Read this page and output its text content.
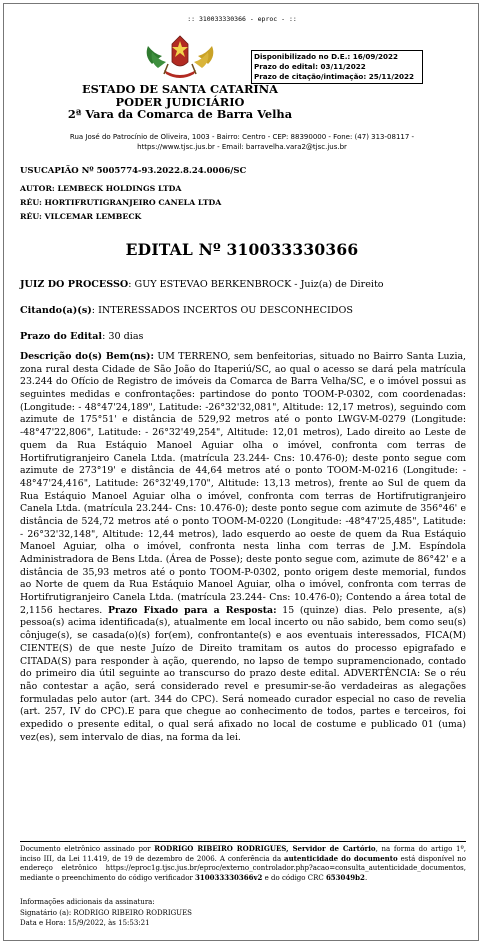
:: 310033330366 - eproc - ::
Disponibilizado no D.E.: 16/09/2022
Prazo do edital: 03/11/2022
Prazo de citação/intimação: 25/11/2022
ESTADO DE SANTA CATARINA
PODER JUDICIÁRIO
2ª Vara da Comarca de Barra Velha
Rua José do Patrocínio de Oliveira, 1003 - Bairro: Centro - CEP: 88390000 - Fone: (47) 313-08117 -
https://www.tjsc.jus.br - Email: barravelha.vara2@tjsc.jus.br
USUCAPIÃO Nº 5005774-93.2022.8.24.0006/SC
AUTOR: LEMBECK HOLDINGS LTDA
RÉU: HORTIFRUTIGRANJEIRO CANELA LTDA
RÉU: VILCEMAR LEMBECK
EDITAL Nº 310033330366
JUIZ DO PROCESSO: GUY ESTEVAO BERKENBROCK - Juiz(a) de Direito
Citando(a)(s): INTERESSADOS INCERTOS OU DESCONHECIDOS
Prazo do Edital: 30 dias
Descrição do(s) Bem(ns): UM TERRENO, sem benfeitorias, situado no Bairro Santa Luzia, zona rural desta Cidade de São João do Itaperiú/SC, ao qual o acesso se dará pela matrícula 23.244 do Ofício de Registro de imóveis da Comarca de Barra Velha/SC, e o imóvel possui as seguintes medidas e confrontações: partindose do ponto TOOM-P-0302, com coordenadas: (Longitude: - 48°47'24,189", Latitude: -26°32'32,081", Altitude: 12,17 metros), seguindo com azimute de 175°51' e distância de 529,92 metros até o ponto LWGV-M-0279 (Longitude: -48°47'22,806", Latitude: - 26°32'49,254", Altitude: 12,01 metros), Lado direito ao Leste de quem da Rua Estáquio Manoel Aguiar olha o imóvel, confronta com terras de Hortifrutigranjeiro Canela Ltda. (matrícula 23.244- Cns: 10.476-0); deste ponto segue com azimute de 273°19' e distância de 44,64 metros até o ponto TOOM-M-0216 (Longitude: - 48°47'24,416", Latitude: 26°32'49,170", Altitude: 13,13 metros), frente ao Sul de quem da Rua Estáquio Manoel Aguiar olha o imóvel, confronta com terras de Hortifrutigranjeiro Canela Ltda. (matrícula 23.244- Cns: 10.476-0); deste ponto segue com azimute de 356°46' e distância de 524,72 metros até o ponto TOOM-M-0220 (Longitude: -48°47'25,485", Latitude: - 26°32'32,148", Altitude: 12,44 metros), lado esquerdo ao oeste de quem da Rua Estáquio Manoel Aguiar, olha o imóvel, confronta nesta linha com terras de J.M. Espíndola Administradora de Bens Ltda. (Área de Posse); deste ponto segue com, azimute de 86°42' e a distância de 35,93 metros até o ponto TOOM-P-0302, ponto origem deste memorial, fundos ao Norte de quem da Rua Estáquio Manoel Aguiar, olha o imóvel, confronta com terras de Hortifrutigranjeiro Canela Ltda. (matrícula 23.244- Cns: 10.476-0); Contendo a área total de 2,1156 hectares. Prazo Fixado para a Resposta: 15 (quinze) dias. Pelo presente, a(s) pessoa(s) acima identificada(s), atualmente em local incerto ou não sabido, bem como seu(s) cônjuge(s), se casada(o)(s) for(em), confrontante(s) e aos eventuais interessados, FICA(M) CIENTE(S) de que neste Juízo de Direito tramitam os autos do processo epigrafado e CITADA(S) para responder à ação, querendo, no lapso de tempo supramencionado, contado do primeiro dia útil seguinte ao transcurso do prazo deste edital. ADVERTÊNCIA: Se o réu não contestar a ação, será considerado revel e presumir-se-ão verdadeiras as alegações formuladas pelo autor (art. 344 do CPC). Será nomeado curador especial no caso de revelia (art. 257, IV do CPC).E para que chegue ao conhecimento de todos, partes e terceiros, foi expedido o presente edital, o qual será afixado no local de costume e publicado 01 (uma) vez(es), sem intervalo de dias, na forma da lei.
Documento eletrônico assinado por RODRIGO RIBEIRO RODRIGUES, Servidor de Cartório, na forma do artigo 1º, inciso III, da Lei 11.419, de 19 de dezembro de 2006. A conferência da autenticidade do documento está disponível no endereço eletrônico https://eproc1g.tjsc.jus.br/eproc/externo_controlador.php?acao=consulta_autenticidade_documentos, mediante o preenchimento do código verificador 310033330366v2 e do código CRC 653049b2.
Informações adicionais da assinatura:
Signatário (a): RODRIGO RIBEIRO RODRIGUES
Data e Hora: 15/9/2022, às 15:53:21
